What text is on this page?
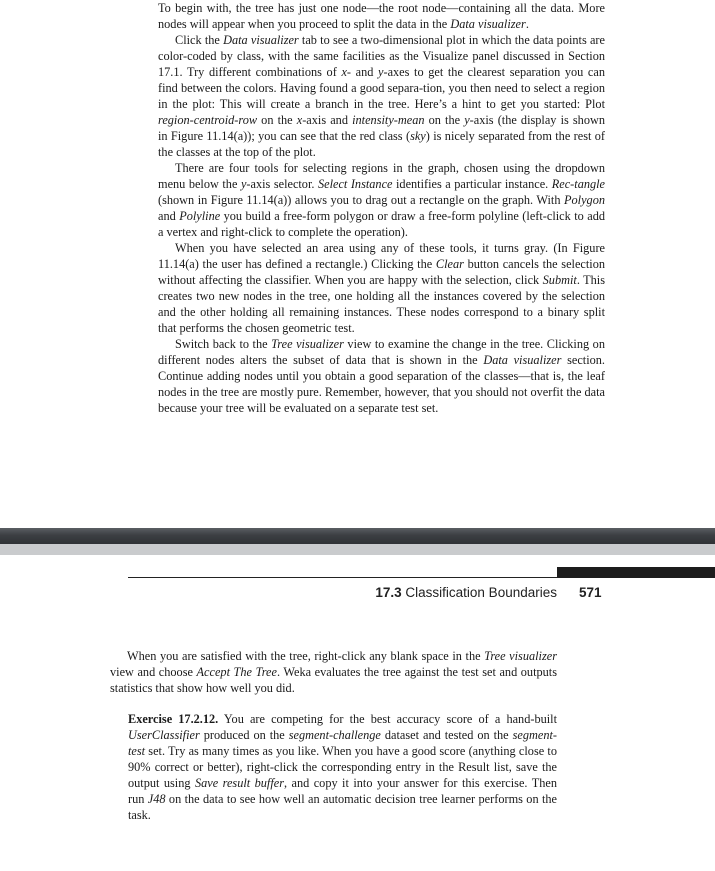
To begin with, the tree has just one node—the root node—containing all the data. More nodes will appear when you proceed to split the data in the Data visualizer.

Click the Data visualizer tab to see a two-dimensional plot in which the data points are color-coded by class, with the same facilities as the Visualize panel discussed in Section 17.1. Try different combinations of x- and y-axes to get the clearest separation you can find between the colors. Having found a good separa-tion, you then need to select a region in the plot: This will create a branch in the tree. Here’s a hint to get you started: Plot region-centroid-row on the x-axis and intensity-mean on the y-axis (the display is shown in Figure 11.14(a)); you can see that the red class (sky) is nicely separated from the rest of the classes at the top of the plot.

There are four tools for selecting regions in the graph, chosen using the dropdown menu below the y-axis selector. Select Instance identifies a particular instance. Rec-tangle (shown in Figure 11.14(a)) allows you to drag out a rectangle on the graph. With Polygon and Polyline you build a free-form polygon or draw a free-form polyline (left-click to add a vertex and right-click to complete the operation).

When you have selected an area using any of these tools, it turns gray. (In Figure 11.14(a) the user has defined a rectangle.) Clicking the Clear button cancels the selection without affecting the classifier. When you are happy with the selection, click Submit. This creates two new nodes in the tree, one holding all the instances covered by the selection and the other holding all remaining instances. These nodes correspond to a binary split that performs the chosen geometric test.

Switch back to the Tree visualizer view to examine the change in the tree. Clicking on different nodes alters the subset of data that is shown in the Data visualizer section. Continue adding nodes until you obtain a good separation of the classes—that is, the leaf nodes in the tree are mostly pure. Remember, however, that you should not overfit the data because your tree will be evaluated on a separate test set.

17.3 Classification Boundaries 571

When you are satisfied with the tree, right-click any blank space in the Tree visualizer view and choose Accept The Tree. Weka evaluates the tree against the test set and outputs statistics that show how well you did.

Exercise 17.2.12. You are competing for the best accuracy score of a hand-built UserClassifier produced on the segment-challenge dataset and tested on the segment-test set. Try as many times as you like. When you have a good score (anything close to 90% correct or better), right-click the corresponding entry in the Result list, save the output using Save result buffer, and copy it into your answer for this exercise. Then run J48 on the data to see how well an automatic decision tree learner performs on the task.
